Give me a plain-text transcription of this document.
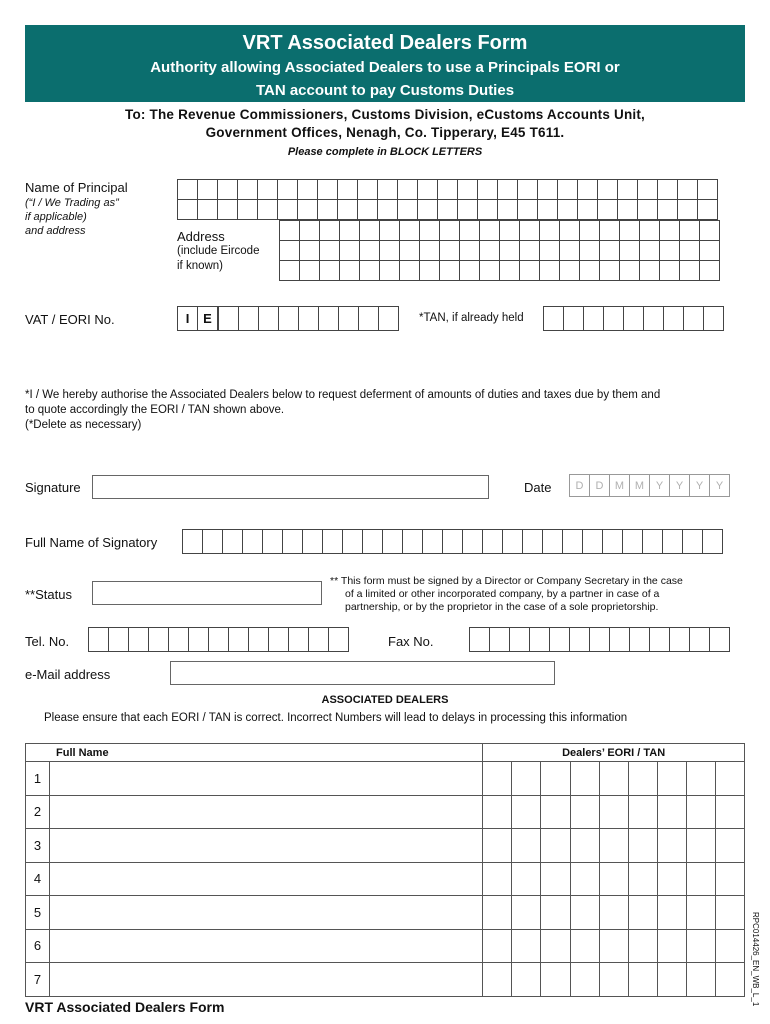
VRT Associated Dealers Form
Authority allowing Associated Dealers to use a Principals EORI or
TAN account to pay Customs Duties
To: The Revenue Commissioners, Customs Division, eCustoms Accounts Unit,
Government Offices, Nenagh, Co. Tipperary, E45 T611.
Please complete in BLOCK LETTERS
Name of Principal
(“I / We Trading as”
if applicable)
and address	Address
(include Eircode
if known)
VAT / EORI No.	I	E	*TAN, if already held
*I / We hereby authorise the Associated Dealers below to request deferment of amounts of duties and taxes due by them and
to quote accordingly the EORI / TAN shown above.
(*Delete as necessary)
Signature	Date	D	D	M M	Y	Y	Y	Y
Full Name of Signatory
**Status
** This form must be signed by a Director or Company Secretary in the case
of a limited or other incorporated company, by a partner in case of a
partnership, or by the proprietor in the case of a sole proprietorship.
Tel. No.	Fax No.
e-Mail address
ASSOCIATED DEALERS
Please ensure that each EORI / TAN is correct. Incorrect Numbers will lead to delays in processing this information
Full Name		Dealers’ EORI / TAN								
1										
2										
3										
4										
5										
6										
7											RPC014426_EN_WB_L_1
VRT Associated Dealers Form
